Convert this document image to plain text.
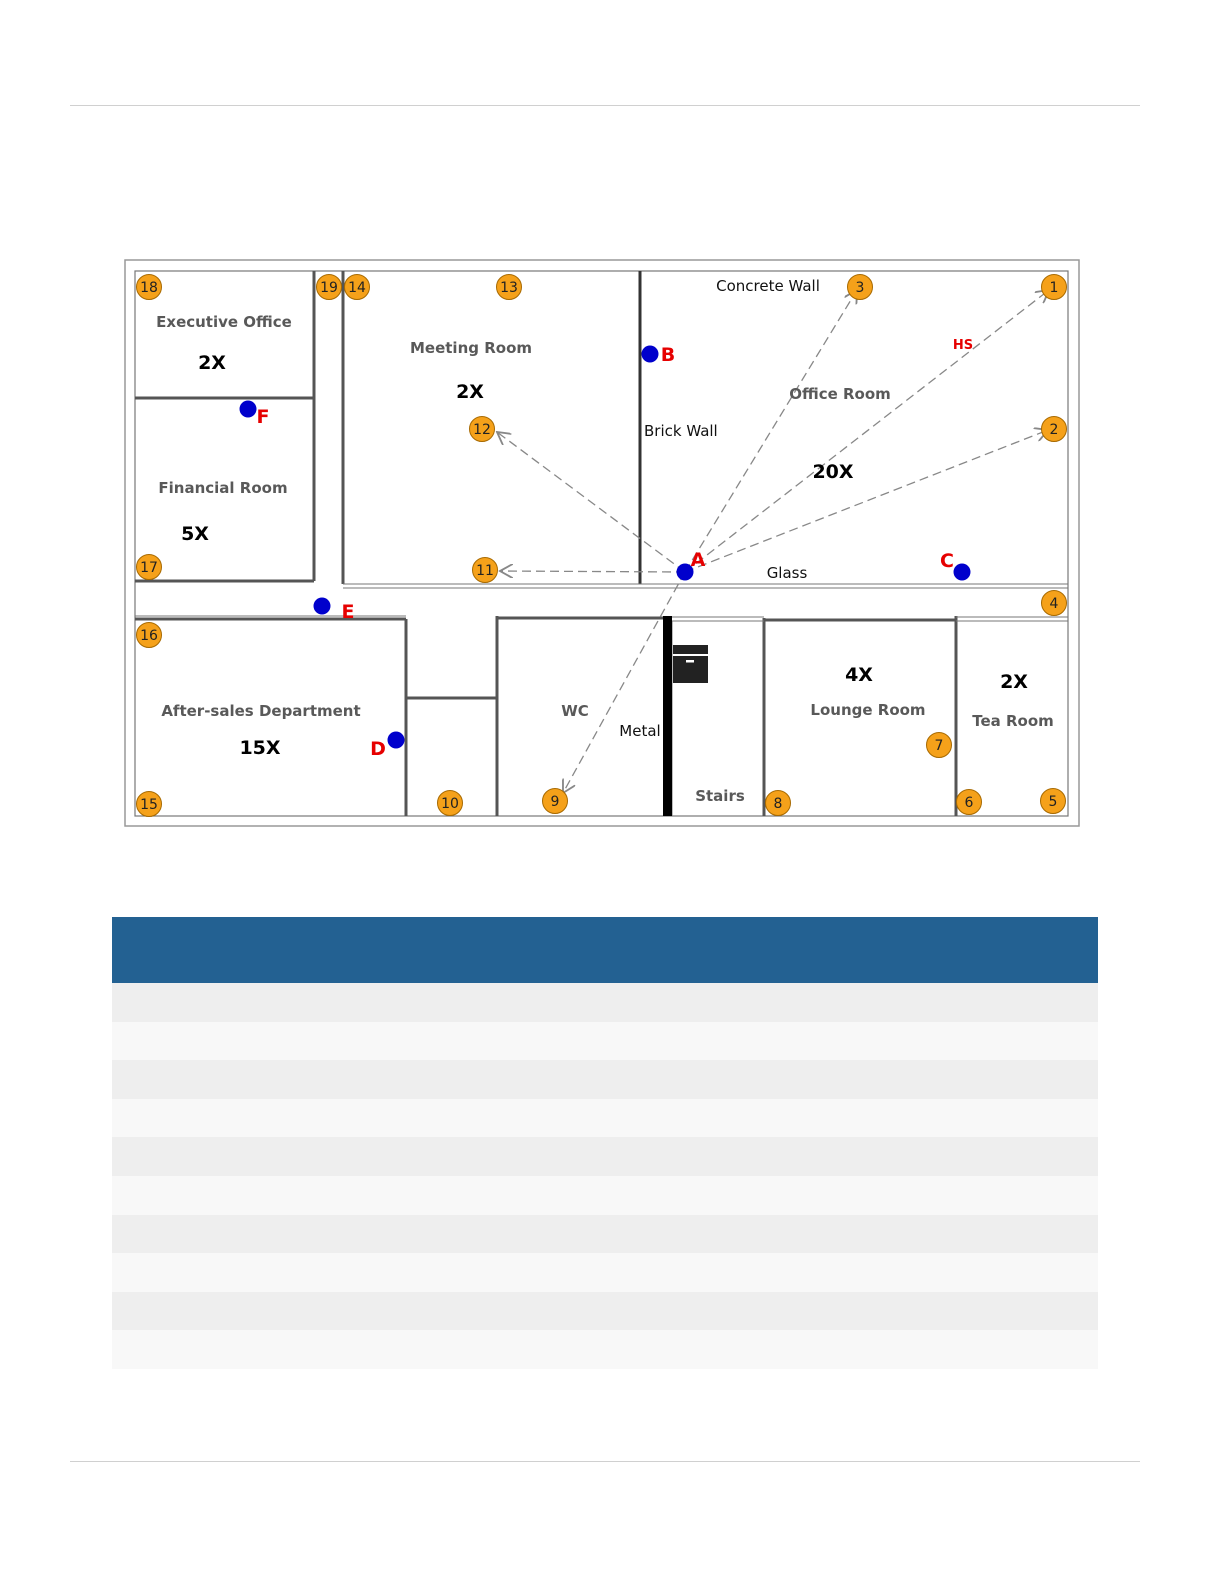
Executive Office
Financial Room
Meeting Room
Office Room
After-sales Department	WC
Stairs
Lounge Room
Tea Room
2X
5X
2X
20X
15X
4X	2X
Concrete Wall
Brick Wall
Glass
Metal
HS
A
B
C
D
E
F
1
2
3
4
5
6
7
8
9
10
11
12
13
14
15
16
17
18	19
